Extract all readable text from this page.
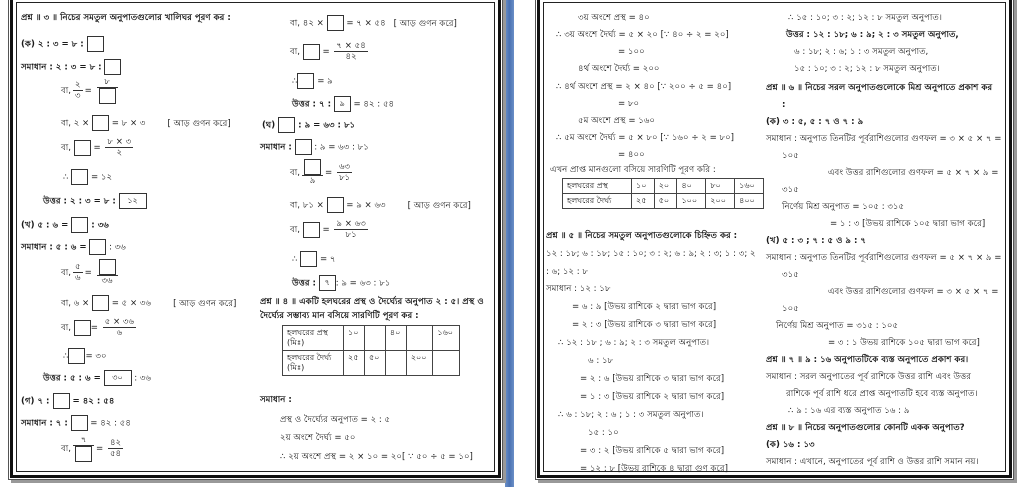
প্রশ্ন ॥ ৩ ॥ নিচের সমতুল অনুপাতগুলোর খালিঘর পূরণ কর :
(ক) ২ : ৩ = ৮ :
সমাধান : ২ : ৩ = ৮ :
বা, $\frac{২}{৩}$ =
৮
বা, ২ ×	= ৮ × ৩	[ আড় গুণন করে]
বা,  = $\frac{৮ \times ৩}{২}$
∴	= ১২
উত্তর : ২ : ৩ = ৮ : ১২
(খ) ৫ : ৬ =	: ৩৬
সমাধান : ৫ : ৬ =	: ৩৬
বা, $\frac{৫}{৬}$ =
৩৬
বা, ৬ ×	= ৫ × ৩৬	[ আড় গুণন করে]
বা, = $\frac{৫ \times ৩৬}{৬}$
∴ = ৩০
উত্তর : ৫ : ৬ = ৩০ : ৩৬
(গ) ৭ :	= ৪২ : ৫৪
সমাধান : ৭ :	= ৪২ : ৫৪
বা,
৭
= $\frac{৪২}{৫৪}$
বা, ৪২ ×	= ৭ × ৫৪ [ আড় গুণন করে]
বা,  = $\frac{৭ \times ৫৪}{৪২}$
∴ = ৯
উত্তর : ৭ : ৯ = ৪২ : ৫৪
(ঘ)	: ৯ = ৬৩ : ৮১
সমাধান :	: ৯ = ৬৩ : ৮১
বা,
৯
= $\frac{৬৩}{৮১}$
বা, ৮১ ×	= ৯ × ৬৩	[ আড় গুণন করে]
বা,  = $\frac{৯ \times ৬৩}{৮১}$
∴	= ৭
উত্তর : ৭ : ৯ = ৬৩ : ৮১
প্রশ্ন ॥ ৪ ॥ একটি হলঘরের প্রস্থ ও দৈর্ঘ্যের অনুপাত ২ : ৫। প্রস্থ ও
দৈর্ঘ্যের সম্ভাব্য মান বসিয়ে সারণিটি পূরণ কর :
হলঘরের প্রস্থ (মিঃ)	১০		৪০		১৬০
হলঘরের দৈর্ঘ্য (মিঃ)	২৫	৫০		২০০	
সমাধান :
প্রস্থ ও দৈর্ঘ্যের অনুপাত = ২ : ৫
২য় অংশে দৈর্ঘ্য = ৫০
∴ ২য় অংশে প্রস্থ = ২ × ১০ = ২০[ ∵ ৫০ ÷ ৫ = ১০]
৩য় অংশে প্রস্থ = ৪০
∴ ৩য় অংশে দৈর্ঘ্য = ৫ × ২০ [∵ ৪০ ÷ ২ = ২০]
= ১০০
৪র্থ অংশে দৈর্ঘ্য = ২০০
∴ ৪র্থ অংশে প্রস্থ = ২ × ৪০ [∵ ২০০ ÷ ৫ = ৪০]
= ৮০
৫ম অংশে প্রস্থ = ১৬০
∴ ৫ম অংশে দৈর্ঘ্য = ৫ × ৮০ [∵ ১৬০ ÷ ২ = ৮০]
= ৪০০
এখন প্রাপ্ত মানগুলো বসিয়ে সারণিটি পূরণ করি :
হলঘরের প্রস্থ	১০	২০	৪০	৮০	১৬০
হলঘরের দৈর্ঘ্য	২৫	৫০	১০০	২০০	৪০০
প্রশ্ন ॥ ৫ ॥ নিচের সমতুল অনুপাতগুলোকে চিহ্নিত কর :
১২ : ১৮; ৬ : ১৮; ১৫ : ১০; ৩ : ২; ৬ : ৯; ২ : ৩; ১ : ৩; ২
: ৬; ১২ : ৮
সমাধান : ১২ : ১৮
= ৬ : ৯ [উভয় রাশিকে ২ দ্বারা ভাগ করে]
= ২ : ৩ [উভয় রাশিকে ৩ দ্বারা ভাগ করে]
∴ ১২ : ১৮ ; ৬ : ৯; ২ : ৩ সমতুল অনুপাত।
৬ : ১৮
= ২ : ৬ [উভয় রাশিকে ৩ দ্বারা ভাগ করে]
= ১ : ৩ [উভয় রাশিকে ২ দ্বারা ভাগ করে]
∴ ৬ : ১৮; ২ : ৬ ; ১ : ৩ সমতুল অনুপাত।
১৫ : ১০
= ৩ : ২ [উভয় রাশিকে ৫ দ্বারা ভাগ করে]
= ১২ : ৮ [উভয় রাশিকে ৪ দ্বারা গুণ করে]
∴ ১৫ : ১০; ৩ : ২; ১২ : ৮ সমতুল অনুপাত।
উত্তর : ১২ : ১৮; ৬ : ৯; ২ : ৩ সমতুল অনুপাত,
৬ : ১৮; ২ : ৬; ১ : ৩ সমতুল অনুপাত,
১৫ : ১০; ৩ : ২; ১২ : ৮ সমতুল অনুপাত।
প্রশ্ন ॥ ৬ ॥ নিচের সরল অনুপাতগুলোকে মিশ্র অনুপাতে প্রকাশ কর
:
(ক) ৩ : ৫, ৫ : ৭ ও ৭ : ৯
সমাধান : অনুপাত তিনটির পূর্বরাশিগুলোর গুণফল = ৩ × ৫ × ৭ =
১০৫
এবং উত্তর রাশিগুলোর গুণফল = ৫ × ৭ × ৯ =
৩১৫
নির্ণেয় মিশ্র অনুপাত = ১০৫ : ৩১৫
= ১ : ৩ [উভয় রাশিকে ১০৫ দ্বারা ভাগ করে]
(খ) ৫ : ৩ ; ৭ : ৫ ও ৯ : ৭
সমাধান : অনুপাত তিনটির পূর্বরাশিগুলোর গুণফল = ৫ × ৭ × ৯ =
৩১৫
এবং উত্তর রাশিগুলোর গুণফল = ৩ × ৫ × ৭ =
১০৫
নির্ণেয় মিশ্র অনুপাত = ৩১৫ : ১০৫
= ৩ : ১ উভয় রাশিকে ১০৫ দ্বারা ভাগ করে]
প্রশ্ন ॥ ৭ ॥ ৯ : ১৬ অনুপাতটিকে ব্যস্ত অনুপাতে প্রকাশ কর।
সমাধান : সরল অনুপাতের পূর্ব রাশিকে উত্তর রাশি এবং উত্তর
রাশিকে পূর্ব রাশি ধরে প্রাপ্ত অনুপাতটি হবে ব্যস্ত অনুপাত।
∴ ৯ : ১৬ এর ব্যস্ত অনুপাত ১৬ : ৯
প্রশ্ন ॥ ৮ ॥ নিচের অনুপাতগুলোর কোনটি একক অনুপাত?
(ক) ১৬ : ১৩
সমাধান : এখানে, অনুপাতের পূর্ব রাশি ও উত্তর রাশি সমান নয়।
